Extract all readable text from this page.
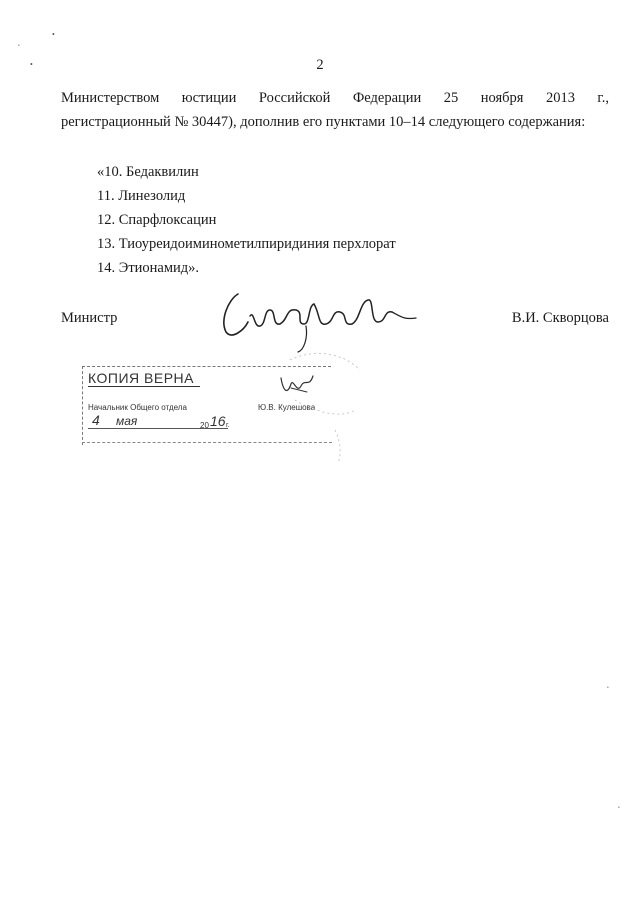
•
•
•
2
Министерством юстиции Российской Федерации 25 ноября 2013 г.,
регистрационный № 30447), дополнив его пунктами 10–14 следующего содержания:
«10. Бедаквилин
11. Линезолид
12. Спарфлоксацин
13. Тиоуреидоиминометилпиридиния перхлорат
14. Этионамид».
Министр	В.И. Скворцова
КОПИЯ ВЕРНА
Начальник Общего отдела	Ю.В. Кулешова
4 мая	20 16 г.
•
•
